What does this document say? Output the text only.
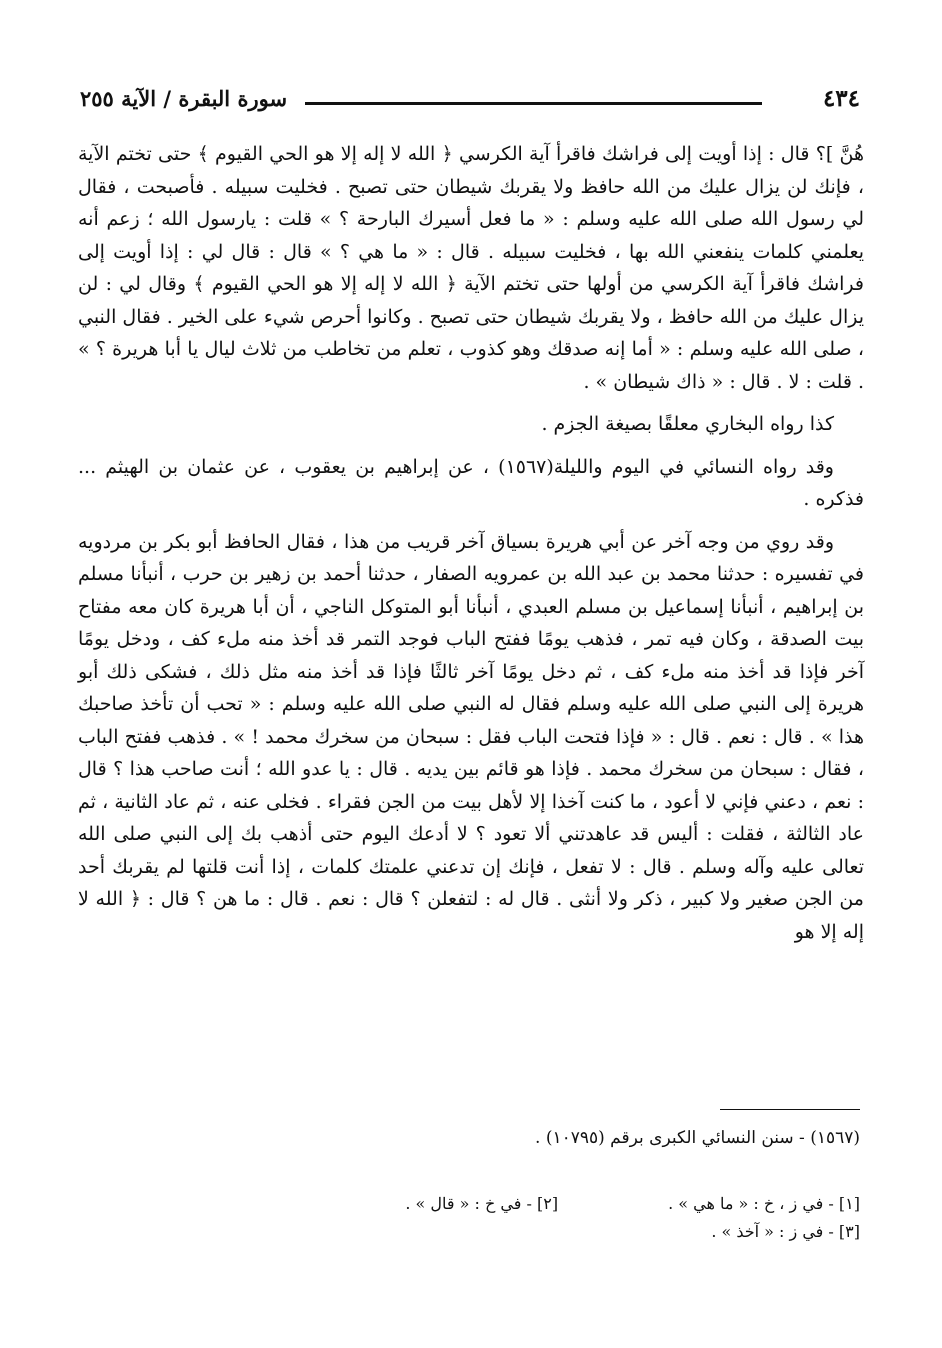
٤٣٤
سورة البقرة / الآية ٢٥٥

هُنَّ ]؟ قال : إذا أويت إلى فراشك فاقرأ آية الكرسي ﴿ الله لا إله إلا هو الحي القيوم ﴾ حتى تختم الآية ، فإنك لن يزال عليك من الله حافظ ولا يقربك شيطان حتى تصبح . فخليت سبيله . فأصبحت ، فقال لي رسول الله صلى الله عليه وسلم : « ما فعل أسيرك البارحة ؟ » قلت : يارسول الله ؛ زعم أنه يعلمني كلمات ينفعني الله بها ، فخليت سبيله . قال : « ما هي ؟ » قال : قال لي : إذا أويت إلى فراشك فاقرأ آية الكرسي من أولها حتى تختم الآية ﴿ الله لا إله إلا هو الحي القيوم ﴾ وقال لي : لن يزال عليك من الله حافظ ، ولا يقربك شيطان حتى تصبح . وكانوا أحرص شيء على الخير . فقال النبي ، صلى الله عليه وسلم : « أما إنه صدقك وهو كذوب ، تعلم من تخاطب من ثلاث ليال يا أبا هريرة ؟ » . قلت : لا . قال : « ذاك شيطان » .

كذا رواه البخاري معلقًا بصيغة الجزم .

وقد رواه النسائي في اليوم والليلة(١٥٦٧) ، عن إبراهيم بن يعقوب ، عن عثمان بن الهيثم ... فذكره .

وقد روي من وجه آخر عن أبي هريرة بسياق آخر قريب من هذا ، فقال الحافظ أبو بكر بن مردويه في تفسيره : حدثنا محمد بن عبد الله بن عمرويه الصفار ، حدثنا أحمد بن زهير بن حرب ، أنبأنا مسلم بن إبراهيم ، أنبأنا إسماعيل بن مسلم العبدي ، أنبأنا أبو المتوكل الناجي ، أن أبا هريرة كان معه مفتاح بيت الصدقة ، وكان فيه تمر ، فذهب يومًا ففتح الباب فوجد التمر قد أخذ منه ملء كف ، ودخل يومًا آخر فإذا قد أخذ منه ملء كف ، ثم دخل يومًا آخر ثالثًا فإذا قد أخذ منه مثل ذلك ، فشكى ذلك أبو هريرة إلى النبي صلى الله عليه وسلم فقال له النبي صلى الله عليه وسلم : « تحب أن تأخذ صاحبك هذا » . قال : نعم . قال : « فإذا فتحت الباب فقل : سبحان من سخرك محمد ! » . فذهب ففتح الباب ، فقال : سبحان من سخرك محمد . فإذا هو قائم بين يديه . قال : يا عدو الله ؛ أنت صاحب هذا ؟ قال : نعم ، دعني فإني لا أعود ، ما كنت آخذا إلا لأهل بيت من الجن فقراء . فخلى عنه ، ثم عاد الثانية ، ثم عاد الثالثة ، فقلت : أليس قد عاهدتني ألا تعود ؟ لا أدعك اليوم حتى أذهب بك إلى النبي صلى الله تعالى عليه وآله وسلم . قال : لا تفعل ، فإنك إن تدعني علمتك كلمات ، إذا أنت قلتها لم يقربك أحد من الجن صغير ولا كبير ، ذكر ولا أنثى . قال له : لتفعلن ؟ قال : نعم . قال : ما هن ؟ قال : ﴿ الله لا إله إلا هو

(١٥٦٧) - سنن النسائي الكبرى برقم (١٠٧٩٥) .
[١] - في ز ، خ : « ما هي » .
[٢] - في خ : « قال » .
[٣] - في ز : « آخذ » .
